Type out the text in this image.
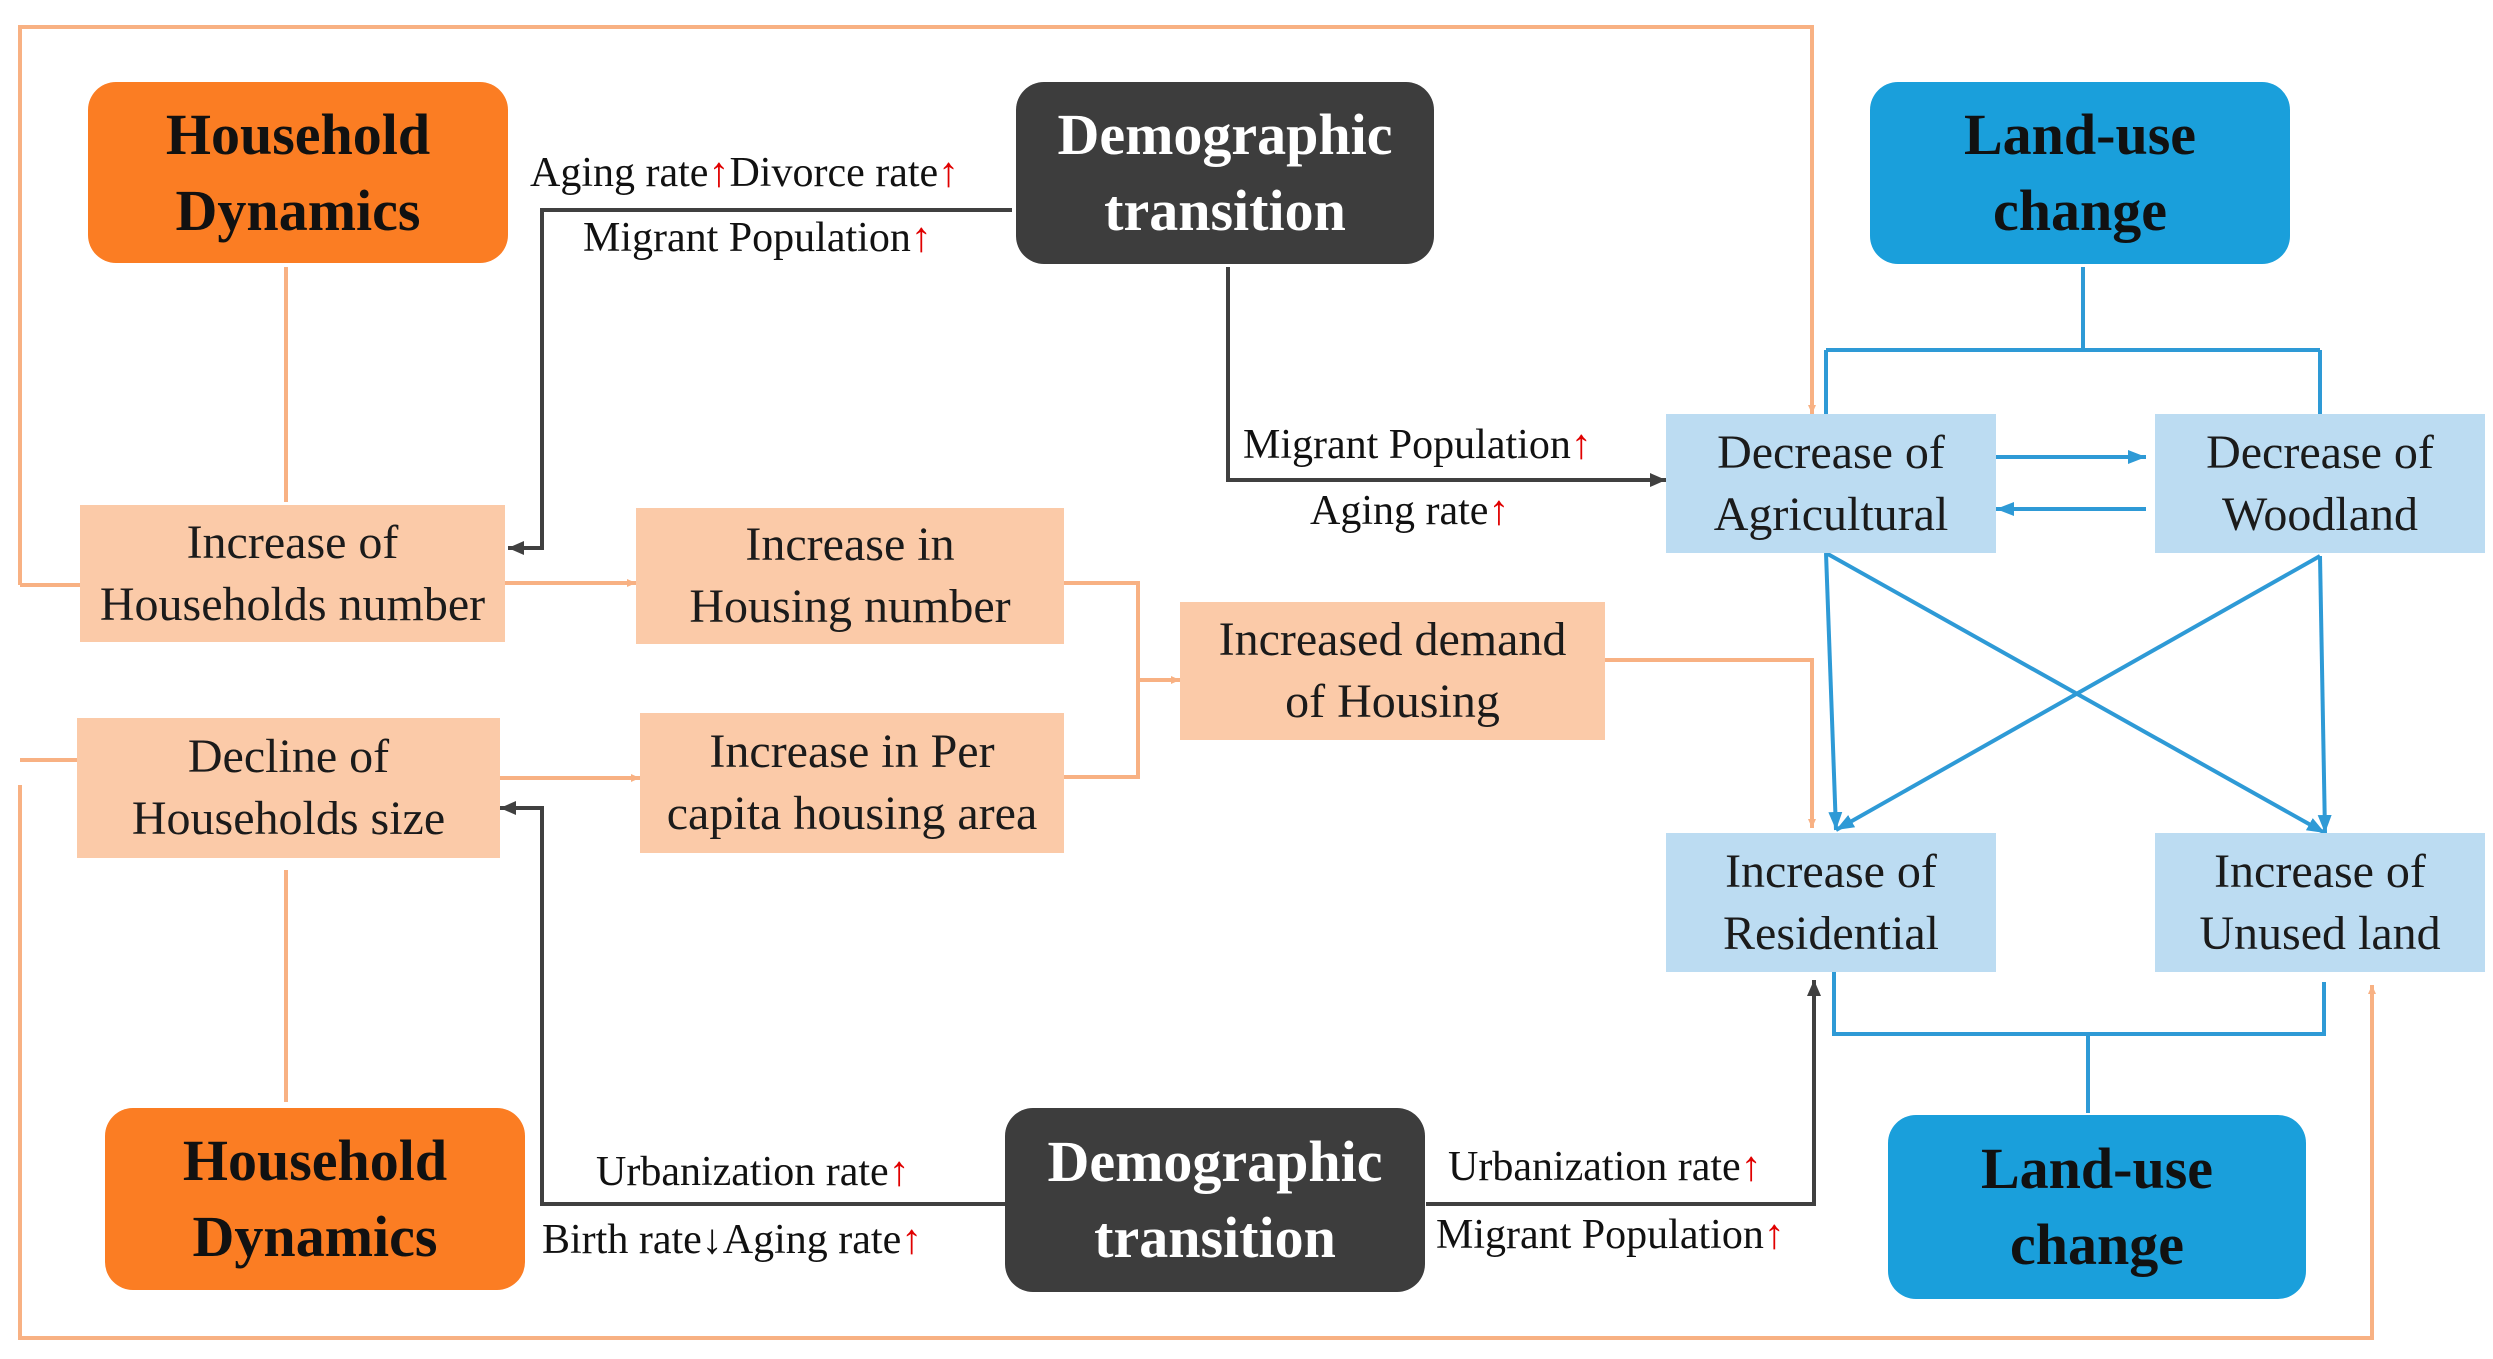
Household
Dynamics
Household
Dynamics
Demographic
transition
Demographic
transition
Land-use
change
Land-use
change
Increase of
Households number
Decline of
Households size
Increase in
Housing number
Increase in Per
capita housing area
Increased demand
of Housing
Decrease of
Agricultural
Decrease of
Woodland
Increase of
Residential
Increase of
Unused land
Aging rate↑Divorce rate↑
Migrant Population↑
Migrant Population↑
Aging rate↑
Urbanization rate↑
Birth rate↓Aging rate↑
Urbanization rate↑
Migrant Population↑
